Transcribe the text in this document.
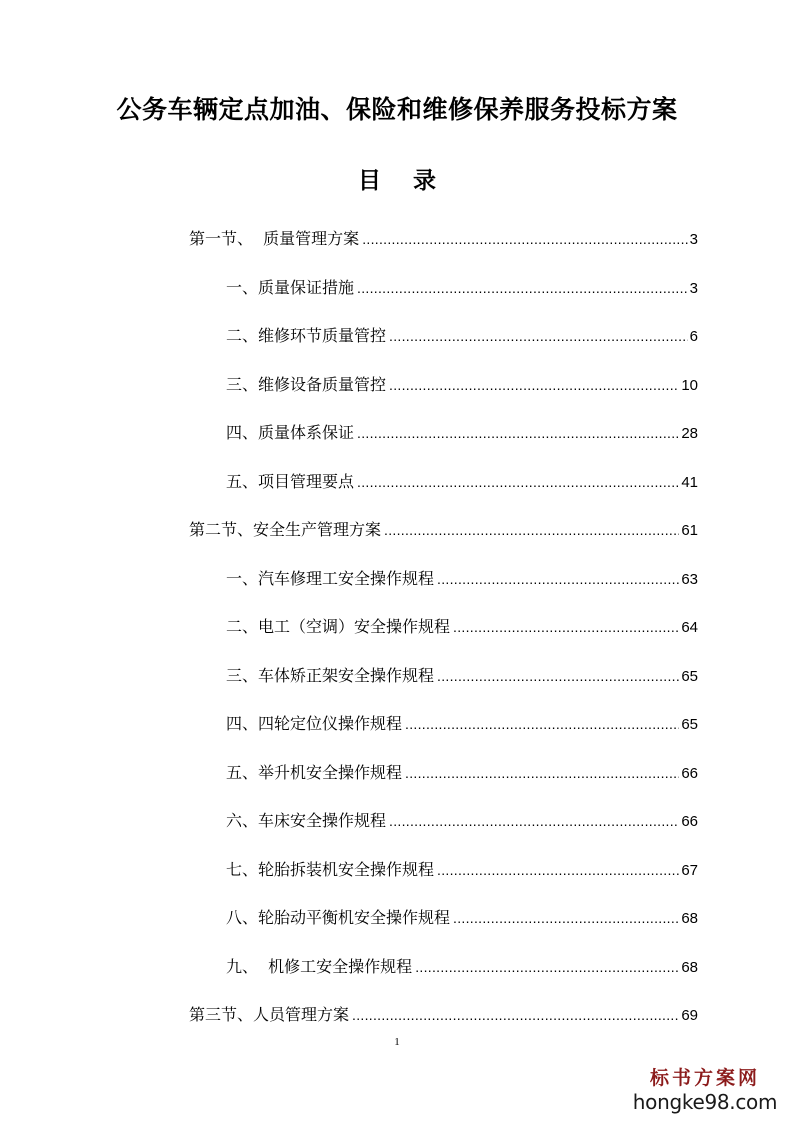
公务车辆定点加油、保险和维修保养服务投标方案
目    录
第一节、  质量管理方案 .....	3
一、质量保证措施 .....	3
二、维修环节质量管控 .....	6
三、维修设备质量管控 .....	10
四、质量体系保证 .....	28
五、项目管理要点 .....	41
第二节、安全生产管理方案 .....	61
一、汽车修理工安全操作规程 .....	63
二、电工（空调）安全操作规程 .....	64
三、车体矫正架安全操作规程 .....	65
四、四轮定位仪操作规程 .....	65
五、举升机安全操作规程 .....	66
六、车床安全操作规程 .....	66
七、轮胎拆装机安全操作规程 .....	67
八、轮胎动平衡机安全操作规程 .....	68
九、  机修工安全操作规程 .....	68
第三节、人员管理方案 .....	69
1
标书方案网
hongke98.com
